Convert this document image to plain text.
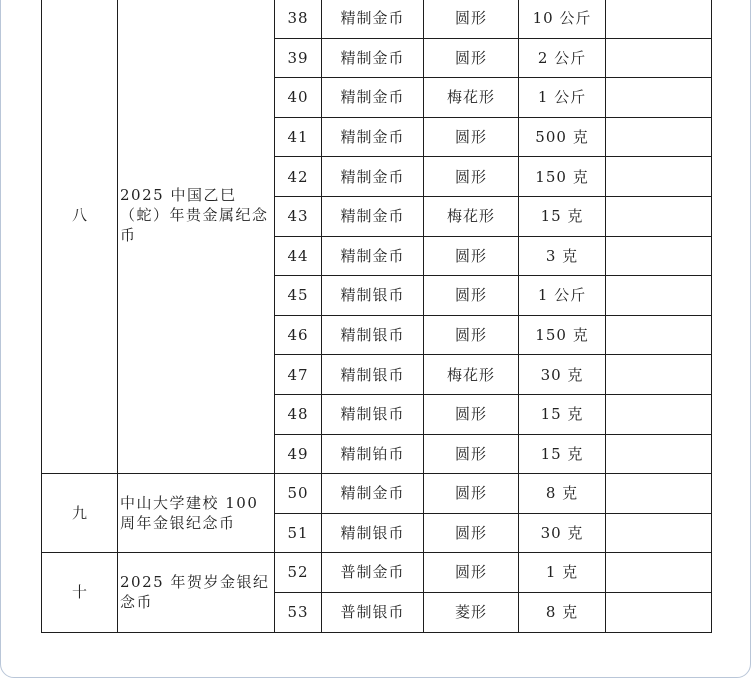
八	2025 中国乙巳（蛇）年贵金属纪念币	38	精制金币	圆形	10 公斤	
		39	精制金币	圆形	2 公斤	
		40	精制金币	梅花形	1 公斤	
		41	精制金币	圆形	500 克	
		42	精制金币	圆形	150 克	
		43	精制金币	梅花形	15 克	
		44	精制金币	圆形	3 克	
		45	精制银币	圆形	1 公斤	
		46	精制银币	圆形	150 克	
		47	精制银币	梅花形	30 克	
		48	精制银币	圆形	15 克	
		49	精制铂币	圆形	15 克	
九	中山大学建校 100 周年金银纪念币	50	精制金币	圆形	8 克	
		51	精制银币	圆形	30 克	
十	2025 年贺岁金银纪念币	52	普制金币	圆形	1 克	
		53	普制银币	菱形	8 克	
